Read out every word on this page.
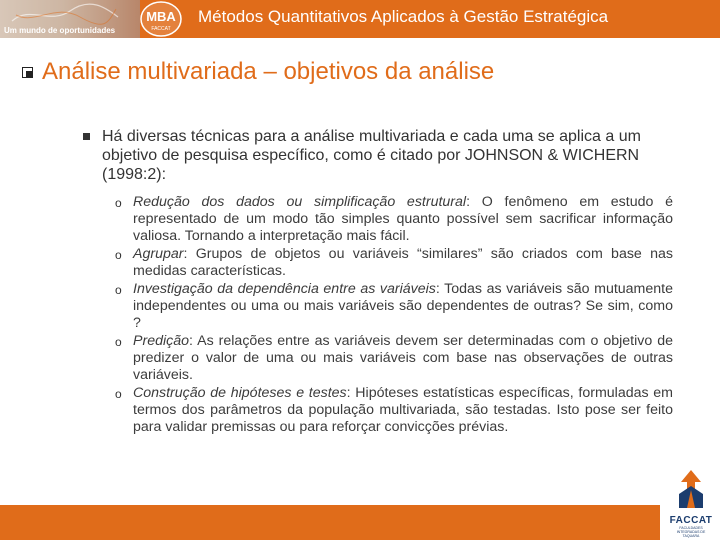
Um mundo de oportunidades
MBA
FACCAT
Métodos Quantitativos Aplicados à Gestão Estratégica
Análise multivariada – objetivos da análise
Há diversas técnicas para a análise multivariada e cada uma se aplica a um objetivo de pesquisa específico, como é citado por JOHNSON & WICHERN (1998:2):
o Redução dos dados ou simplificação estrutural: O fenômeno em estudo é representado de um modo tão simples quanto possível sem sacrificar informação valiosa. Tornando a interpretação mais fácil.
o Agrupar: Grupos de objetos ou variáveis “similares” são criados com base nas medidas características.
o Investigação da dependência entre as variáveis: Todas as variáveis são mutuamente independentes ou uma ou mais variáveis são dependentes de outras? Se sim, como ?
o Predição: As relações entre as variáveis devem ser determinadas com o objetivo de predizer o valor de uma ou mais variáveis com base nas observações de outras variáveis.
o Construção de hipóteses e testes: Hipóteses estatísticas específicas, formuladas em termos dos parâmetros da população multivariada, são testadas. Isto pose ser feito para validar premissas ou para reforçar convicções prévias.
FACCAT
FACULDADES INTEGRADAS DE TAQUARA
